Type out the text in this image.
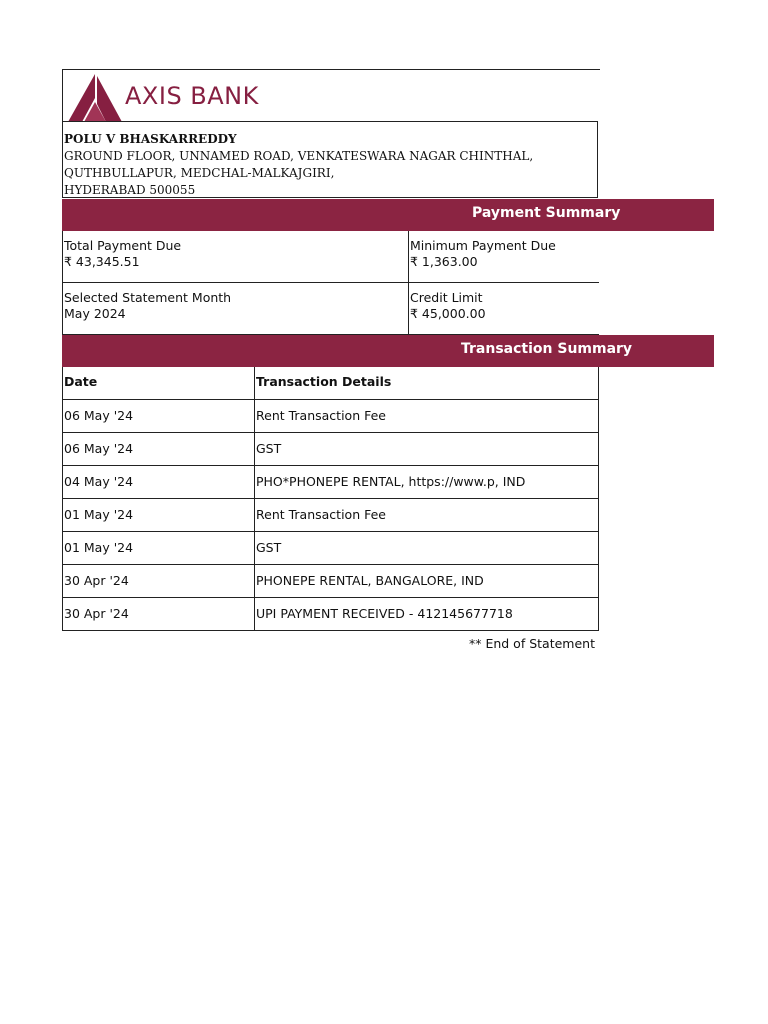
AXIS BANK
POLU V BHASKARREDDY
GROUND FLOOR, UNNAMED ROAD, VENKATESWARA NAGAR CHINTHAL,
QUTHBULLAPUR, MEDCHAL-MALKAJGIRI,
HYDERABAD 500055
Payment Summary
Total Payment Due
₹ 43,345.51
Minimum Payment Due
₹ 1,363.00
Selected Statement Month
May 2024
Credit Limit
₹ 45,000.00
Transaction Summary
Date	Transaction Details
06 May '24	Rent Transaction Fee
06 May '24	GST
04 May '24	PHO*PHONEPE RENTAL, https://www.p, IND
01 May '24	Rent Transaction Fee
01 May '24	GST
30 Apr '24	PHONEPE RENTAL, BANGALORE, IND
30 Apr '24	UPI PAYMENT RECEIVED - 412145677718
** End of Statement
